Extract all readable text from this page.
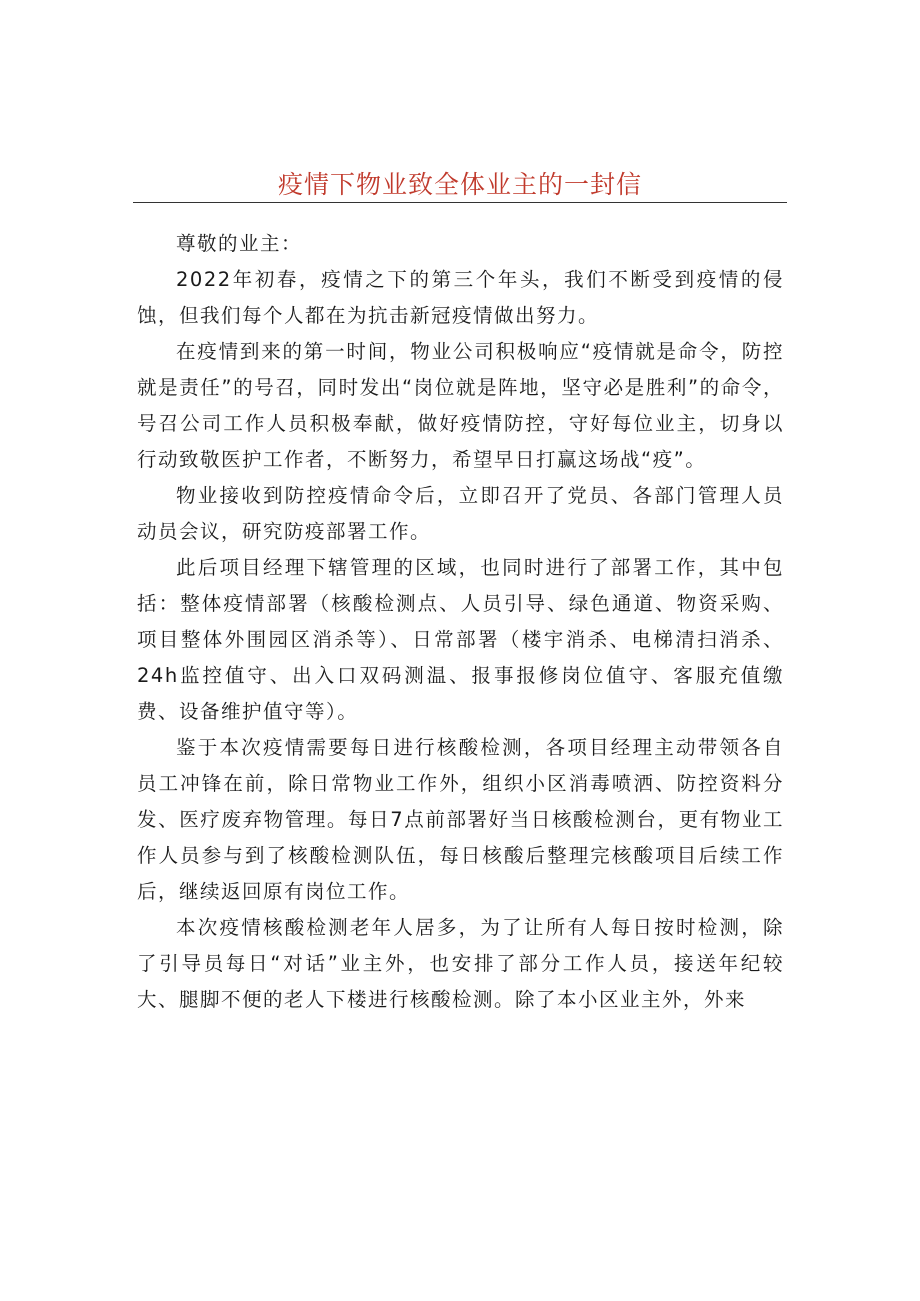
疫情下物业致全体业主的一封信

尊敬的业主：

2022年初春，疫情之下的第三个年头，我们不断受到疫情的侵蚀，但我们每个人都在为抗击新冠疫情做出努力。

在疫情到来的第一时间，物业公司积极响应“疫情就是命令，防控就是责任”的号召，同时发出“岗位就是阵地，坚守必是胜利”的命令，号召公司工作人员积极奉献，做好疫情防控，守好每位业主，切身以行动致敬医护工作者，不断努力，希望早日打赢这场战“疫”。

物业接收到防控疫情命令后，立即召开了党员、各部门管理人员动员会议，研究防疫部署工作。

此后项目经理下辖管理的区域，也同时进行了部署工作，其中包括：整体疫情部署（核酸检测点、人员引导、绿色通道、物资采购、项目整体外围园区消杀等）、日常部署（楼宇消杀、电梯清扫消杀、24h监控值守、出入口双码测温、报事报修岗位值守、客服充值缴费、设备维护值守等）。

鉴于本次疫情需要每日进行核酸检测，各项目经理主动带领各自员工冲锋在前，除日常物业工作外，组织小区消毒喷洒、防控资料分发、医疗废弃物管理。每日7点前部署好当日核酸检测台，更有物业工作人员参与到了核酸检测队伍，每日核酸后整理完核酸项目后续工作后，继续返回原有岗位工作。

本次疫情核酸检测老年人居多，为了让所有人每日按时检测，除了引导员每日“对话”业主外，也安排了部分工作人员，接送年纪较大、腿脚不便的老人下楼进行核酸检测。除了本小区业主外，外来
